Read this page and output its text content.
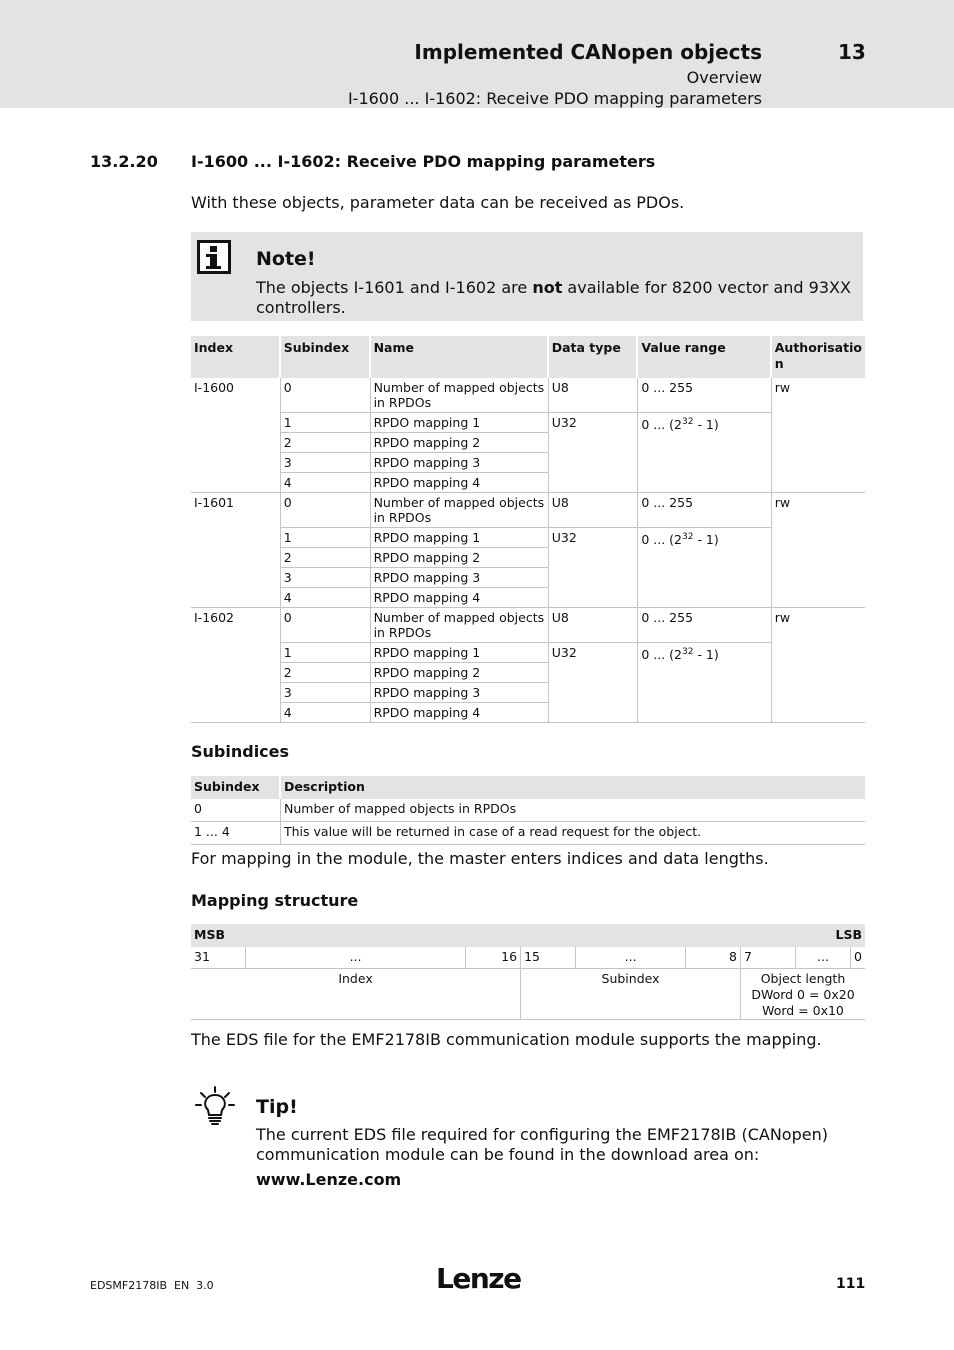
Implemented CANopen objects	13
Overview
I-1600 ... I-1602: Receive PDO mapping parameters
13.2.20 I-1600 ... I-1602: Receive PDO mapping parameters
With these objects, parameter data can be received as PDOs.
Note!
The objects I-1601 and I-1602 are not available for 8200 vector and 93XX controllers.
Index	Subindex	Name	Data type	Value range	Authorisatio
n
I-1600	0	Number of mapped objects in RPDOs	U8	0 ... 255	rw
	1	RPDO mapping 1	U32	0 ... $(2^{32} - 1)$	
	2	RPDO mapping 2			
	3	RPDO mapping 3			
	4	RPDO mapping 4			
I-1601	0	Number of mapped objects in RPDOs	U8	0 ... 255	rw
	1	RPDO mapping 1	U32	0 ... $(2^{32} - 1)$	
	2	RPDO mapping 2			
	3	RPDO mapping 3			
	4	RPDO mapping 4			
I-1602	0	Number of mapped objects in RPDOs	U8	0 ... 255	rw
	1	RPDO mapping 1	U32	0 ... $(2^{32} - 1)$	
	2	RPDO mapping 2			
	3	RPDO mapping 3			
	4	RPDO mapping 4			
Subindices
Subindex	Description
0	Number of mapped objects in RPDOs
1 ... 4	This value will be returned in case of a read request for the object.
For mapping in the module, the master enters indices and data lengths.
Mapping structure
MSB				LSB				
31	...	16	15	...	8	7	...	0
Index			Subindex			Object length
DWord 0 = 0x20
Word = 0x10		
The EDS file for the EMF2178IB communication module supports the mapping.
Tip!
The current EDS file required for configuring the EMF2178IB (CANopen) communication module can be found in the download area on:
www.Lenze.com
EDSMF2178IB  EN  3.0	Lenze	111
